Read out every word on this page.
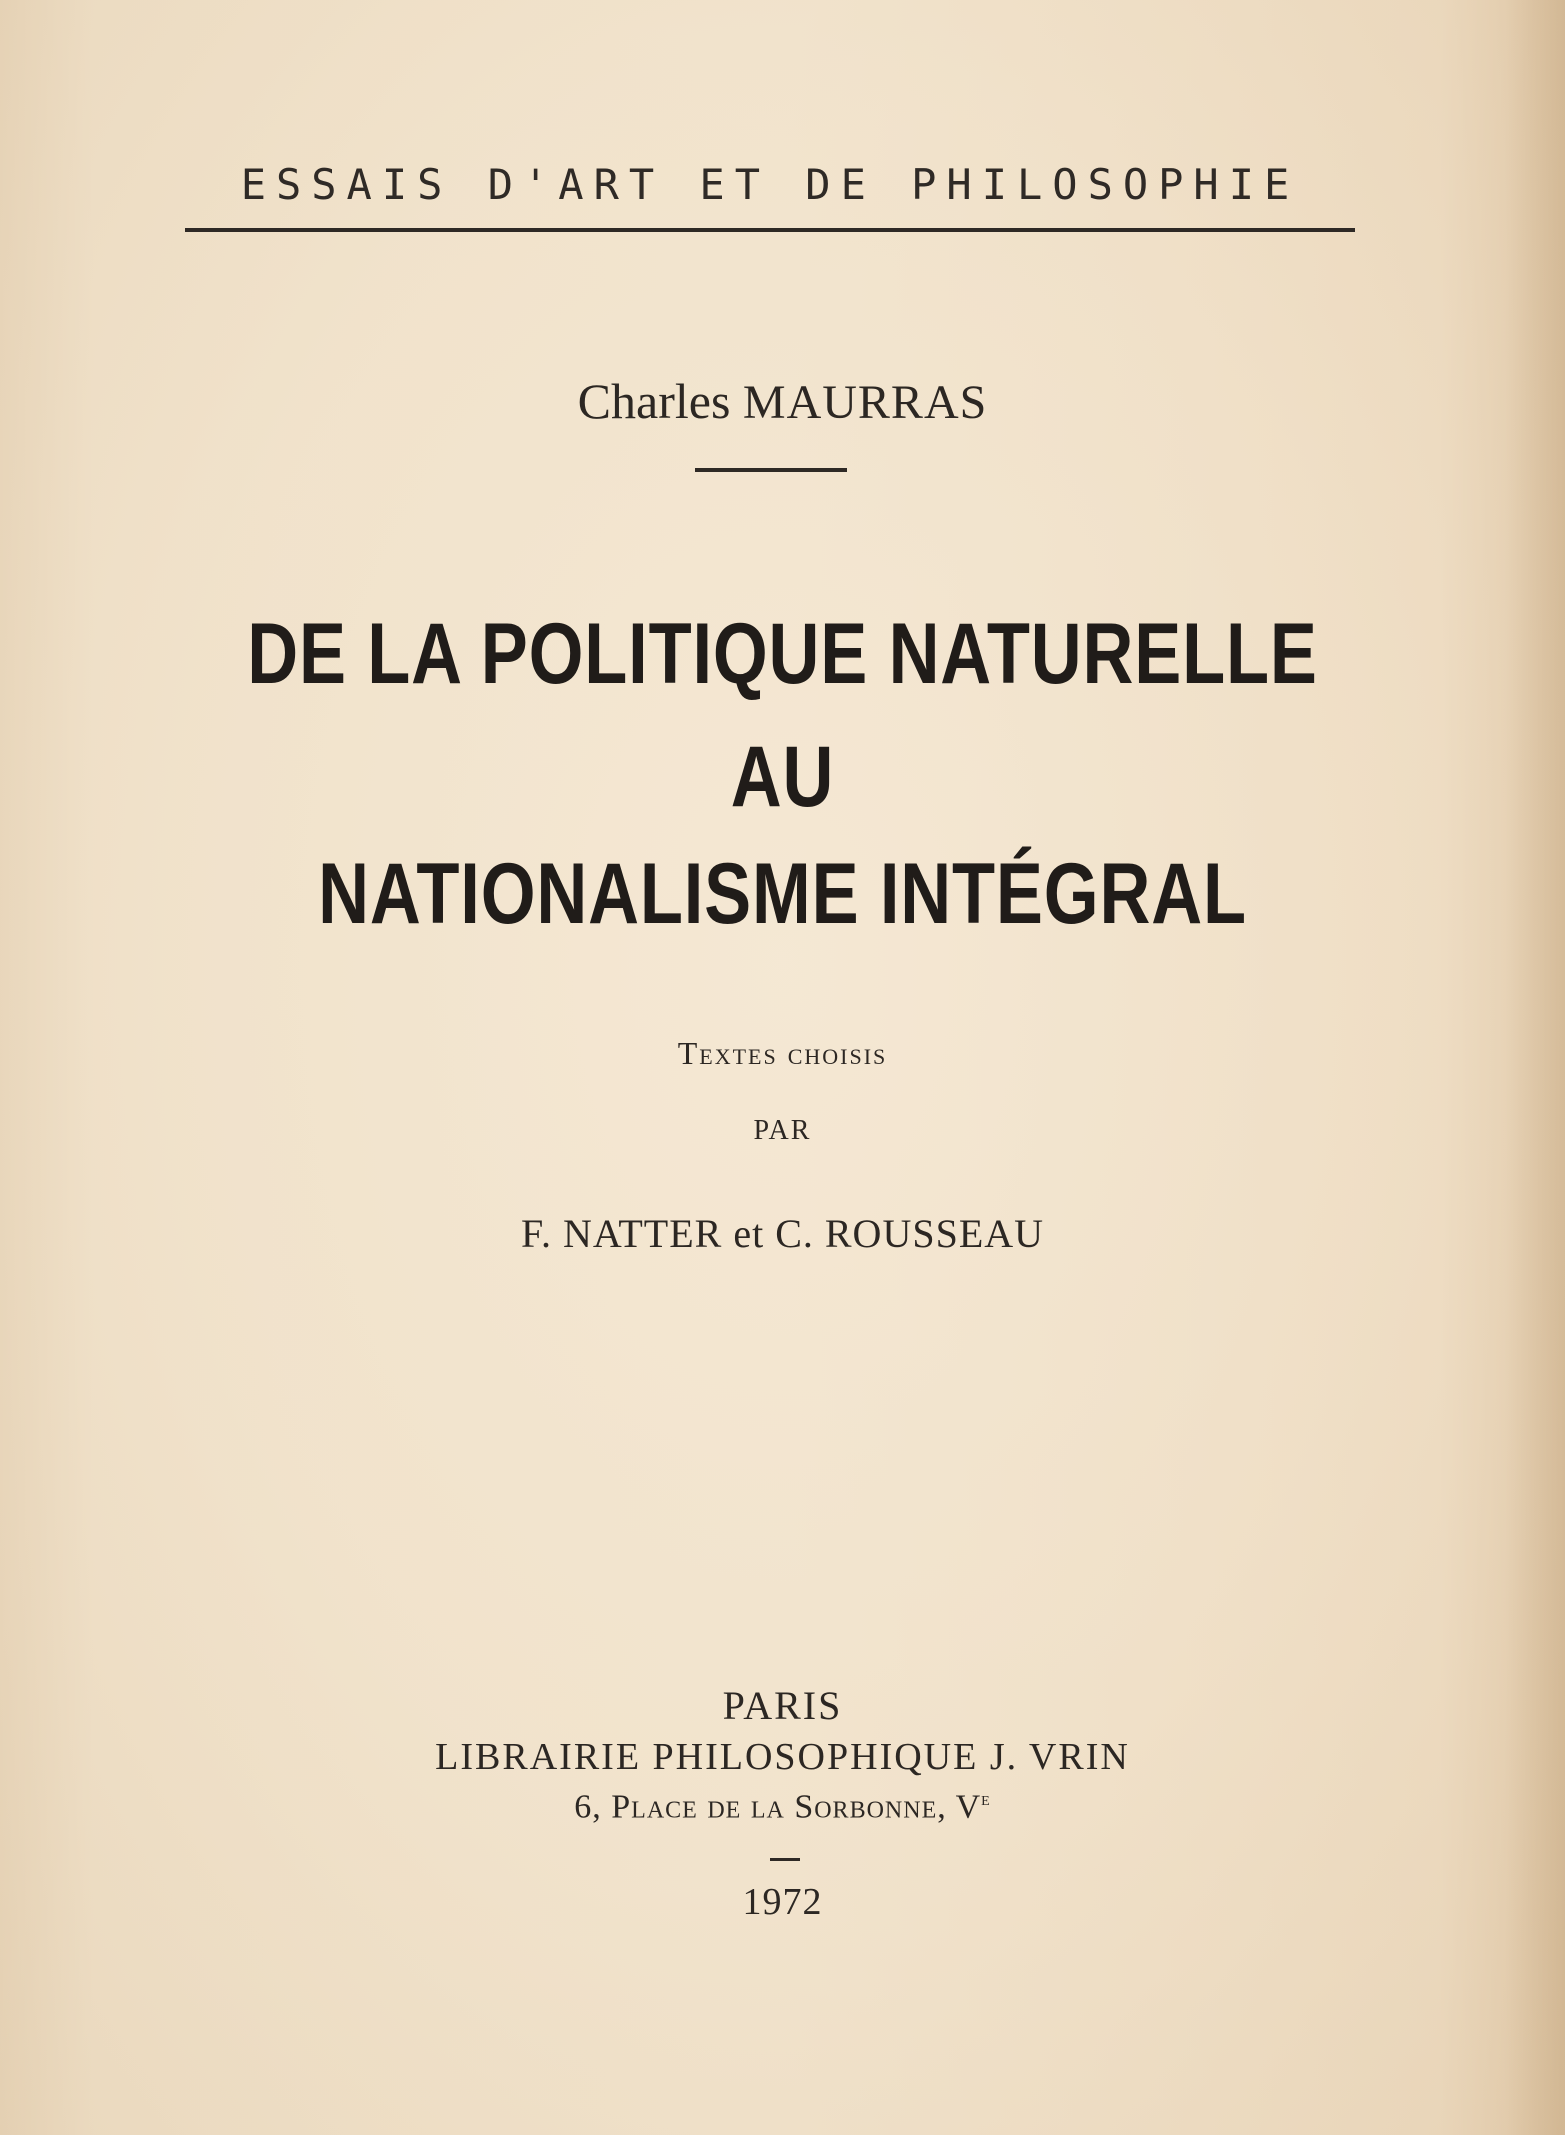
ESSAIS D'ART ET DE PHILOSOPHIE
Charles MAURRAS
DE LA POLITIQUE NATURELLE
AU
NATIONALISME INTÉGRAL
Textes choisis
PAR
F. NATTER et C. ROUSSEAU
PARIS
LIBRAIRIE PHILOSOPHIQUE J. VRIN
6, Place de la Sorbonne, Ve
1972
